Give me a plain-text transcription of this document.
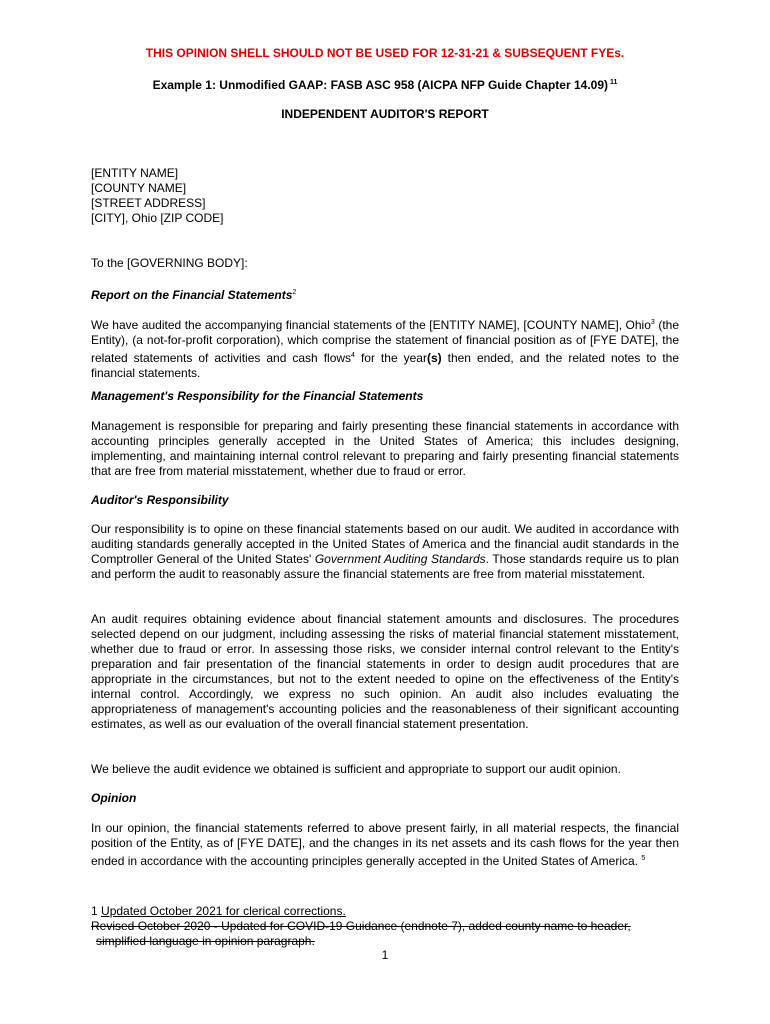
THIS OPINION SHELL SHOULD NOT BE USED FOR 12-31-21 & SUBSEQUENT FYEs.
Example 1: Unmodified GAAP: FASB ASC 958 (AICPA NFP Guide Chapter 14.09) $^{11}$
INDEPENDENT AUDITOR'S REPORT
[ENTITY NAME]
[COUNTY NAME]
[STREET ADDRESS]
[CITY], Ohio [ZIP CODE]
To the [GOVERNING BODY]:

Report on the Financial Statements$^2$

We have audited the accompanying financial statements of the [ENTITY NAME], [COUNTY NAME], Ohio$^3$ (the Entity), (a not-for-profit corporation), which comprise the statement of financial position as of [FYE DATE], the related statements of activities and cash flows$^4$ for the year(s) then ended, and the related notes to the financial statements.

Management's Responsibility for the Financial Statements

Management is responsible for preparing and fairly presenting these financial statements in accordance with accounting principles generally accepted in the United States of America; this includes designing, implementing, and maintaining internal control relevant to preparing and fairly presenting financial statements that are free from material misstatement, whether due to fraud or error.

Auditor's Responsibility

Our responsibility is to opine on these financial statements based on our audit. We audited in accordance with auditing standards generally accepted in the United States of America and the financial audit standards in the Comptroller General of the United States' Government Auditing Standards. Those standards require us to plan and perform the audit to reasonably assure the financial statements are free from material misstatement.

An audit requires obtaining evidence about financial statement amounts and disclosures. The procedures selected depend on our judgment, including assessing the risks of material financial statement misstatement, whether due to fraud or error. In assessing those risks, we consider internal control relevant to the Entity's preparation and fair presentation of the financial statements in order to design audit procedures that are appropriate in the circumstances, but not to the extent needed to opine on the effectiveness of the Entity's internal control. Accordingly, we express no such opinion. An audit also includes evaluating the appropriateness of management's accounting policies and the reasonableness of their significant accounting estimates, as well as our evaluation of the overall financial statement presentation.

We believe the audit evidence we obtained is sufficient and appropriate to support our audit opinion.

Opinion

In our opinion, the financial statements referred to above present fairly, in all material respects, the financial position of the Entity, as of [FYE DATE], and the changes in its net assets and its cash flows for the year then ended in accordance with the accounting principles generally accepted in the United States of America. $^5$

1 Updated October 2021 for clerical corrections.
Revised October 2020 - Updated for COVID-19 Guidance (endnote 7), added county name to header,
simplified language in opinion paragraph.
1
